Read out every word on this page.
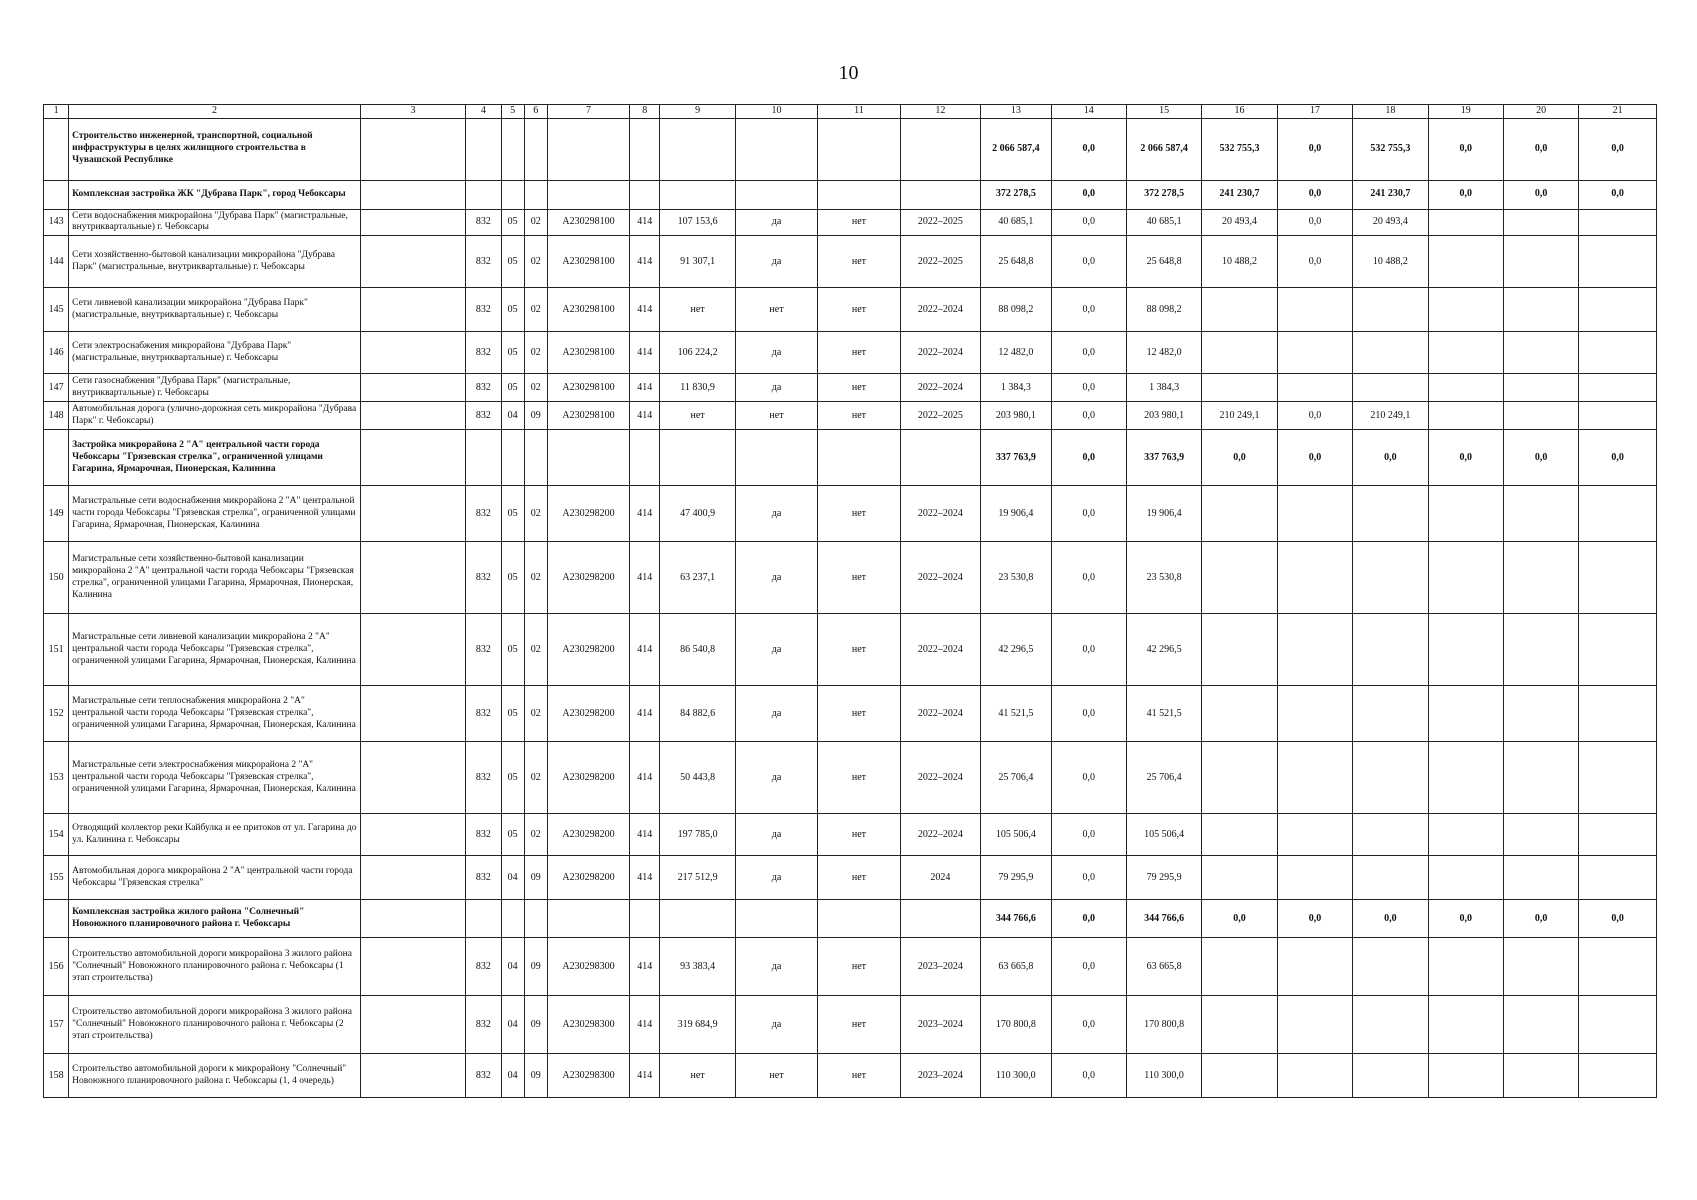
10
1	2	3	4	5	6	7	8	9	10	11	12	13	14	15	16	17	18	19	20	21
	Строительство инженерной, транспортной, социальной инфраструктуры в целях жилищного строительства в Чувашской Республике											2 066 587,4	0,0	2 066 587,4	532 755,3	0,0	532 755,3	0,0	0,0	0,0
	Комплексная застройка ЖК "Дубрава Парк", город Чебоксары											372 278,5	0,0	372 278,5	241 230,7	0,0	241 230,7	0,0	0,0	0,0
143	Сети водоснабжения микрорайона "Дубрава Парк" (магистральные, внутриквартальные) г. Чебоксары		832	05	02	А230298100	414	107 153,6	да	нет	2022–2025	40 685,1	0,0	40 685,1	20 493,4	0,0	20 493,4			
144	Сети хозяйственно-бытовой канализации микрорайона "Дубрава Парк" (магистральные, внутриквартальные) г. Чебоксары		832	05	02	А230298100	414	91 307,1	да	нет	2022–2025	25 648,8	0,0	25 648,8	10 488,2	0,0	10 488,2			
145	Сети ливневой канализации микрорайона "Дубрава Парк" (магистральные, внутриквартальные) г. Чебоксары		832	05	02	А230298100	414	нет	нет	нет	2022–2024	88 098,2	0,0	88 098,2						
146	Сети электроснабжения микрорайона "Дубрава Парк" (магистральные, внутриквартальные) г. Чебоксары		832	05	02	А230298100	414	106 224,2	да	нет	2022–2024	12 482,0	0,0	12 482,0						
147	Сети газоснабжения "Дубрава Парк" (магистральные, внутриквартальные) г. Чебоксары		832	05	02	А230298100	414	11 830,9	да	нет	2022–2024	1 384,3	0,0	1 384,3						
148	Автомобильная дорога (улично-дорожная сеть микрорайона "Дубрава Парк" г. Чебоксары)		832	04	09	А230298100	414	нет	нет	нет	2022–2025	203 980,1	0,0	203 980,1	210 249,1	0,0	210 249,1			
	Застройка микрорайона 2 "А" центральной части города Чебоксары "Грязевская стрелка", ограниченной улицами Гагарина, Ярмарочная, Пионерская, Калинина											337 763,9	0,0	337 763,9	0,0	0,0	0,0	0,0	0,0	0,0
149	Магистральные сети водоснабжения микрорайона 2 "А" центральной части города Чебоксары "Грязевская стрелка", ограниченной улицами Гагарина, Ярмарочная, Пионерская, Калинина		832	05	02	А230298200	414	47 400,9	да	нет	2022–2024	19 906,4	0,0	19 906,4						
150	Магистральные сети хозяйственно-бытовой канализации микрорайона 2 "А" центральной части города Чебоксары "Грязевская стрелка", ограниченной улицами Гагарина, Ярмарочная, Пионерская, Калинина		832	05	02	А230298200	414	63 237,1	да	нет	2022–2024	23 530,8	0,0	23 530,8						
151	Магистральные сети ливневой канализации микрорайона 2 "А" центральной части города Чебоксары "Грязевская стрелка", ограниченной улицами Гагарина, Ярмарочная, Пионерская, Калинина		832	05	02	А230298200	414	86 540,8	да	нет	2022–2024	42 296,5	0,0	42 296,5						
152	Магистральные сети теплоснабжения микрорайона 2 "А" центральной части города Чебоксары "Грязевская стрелка", ограниченной улицами Гагарина, Ярмарочная, Пионерская, Калинина		832	05	02	А230298200	414	84 882,6	да	нет	2022–2024	41 521,5	0,0	41 521,5						
153	Магистральные сети электроснабжения микрорайона 2 "А" центральной части города Чебоксары "Грязевская стрелка", ограниченной улицами Гагарина, Ярмарочная, Пионерская, Калинина		832	05	02	А230298200	414	50 443,8	да	нет	2022–2024	25 706,4	0,0	25 706,4						
154	Отводящий коллектор реки Кайбулка и ее притоков от ул. Гагарина до ул. Калинина г. Чебоксары		832	05	02	А230298200	414	197 785,0	да	нет	2022–2024	105 506,4	0,0	105 506,4						
155	Автомобильная дорога микрорайона 2 "А" центральной части города Чебоксары "Грязевская стрелка"		832	04	09	А230298200	414	217 512,9	да	нет	2024	79 295,9	0,0	79 295,9						
	Комплексная застройка жилого района "Солнечный" Новоюжного планировочного района г. Чебоксары											344 766,6	0,0	344 766,6	0,0	0,0	0,0	0,0	0,0	0,0
156	Строительство автомобильной дороги микрорайона 3 жилого района "Солнечный" Новоюжного планировочного района г. Чебоксары (1 этап строительства)		832	04	09	А230298300	414	93 383,4	да	нет	2023–2024	63 665,8	0,0	63 665,8						
157	Строительство автомобильной дороги микрорайона 3 жилого района "Солнечный" Новоюжного планировочного района г. Чебоксары (2 этап строительства)		832	04	09	А230298300	414	319 684,9	да	нет	2023–2024	170 800,8	0,0	170 800,8						
158	Строительство автомобильной дороги к микрорайону "Солнечный" Новоюжного планировочного района г. Чебоксары (1, 4 очередь)		832	04	09	А230298300	414	нет	нет	нет	2023–2024	110 300,0	0,0	110 300,0						
